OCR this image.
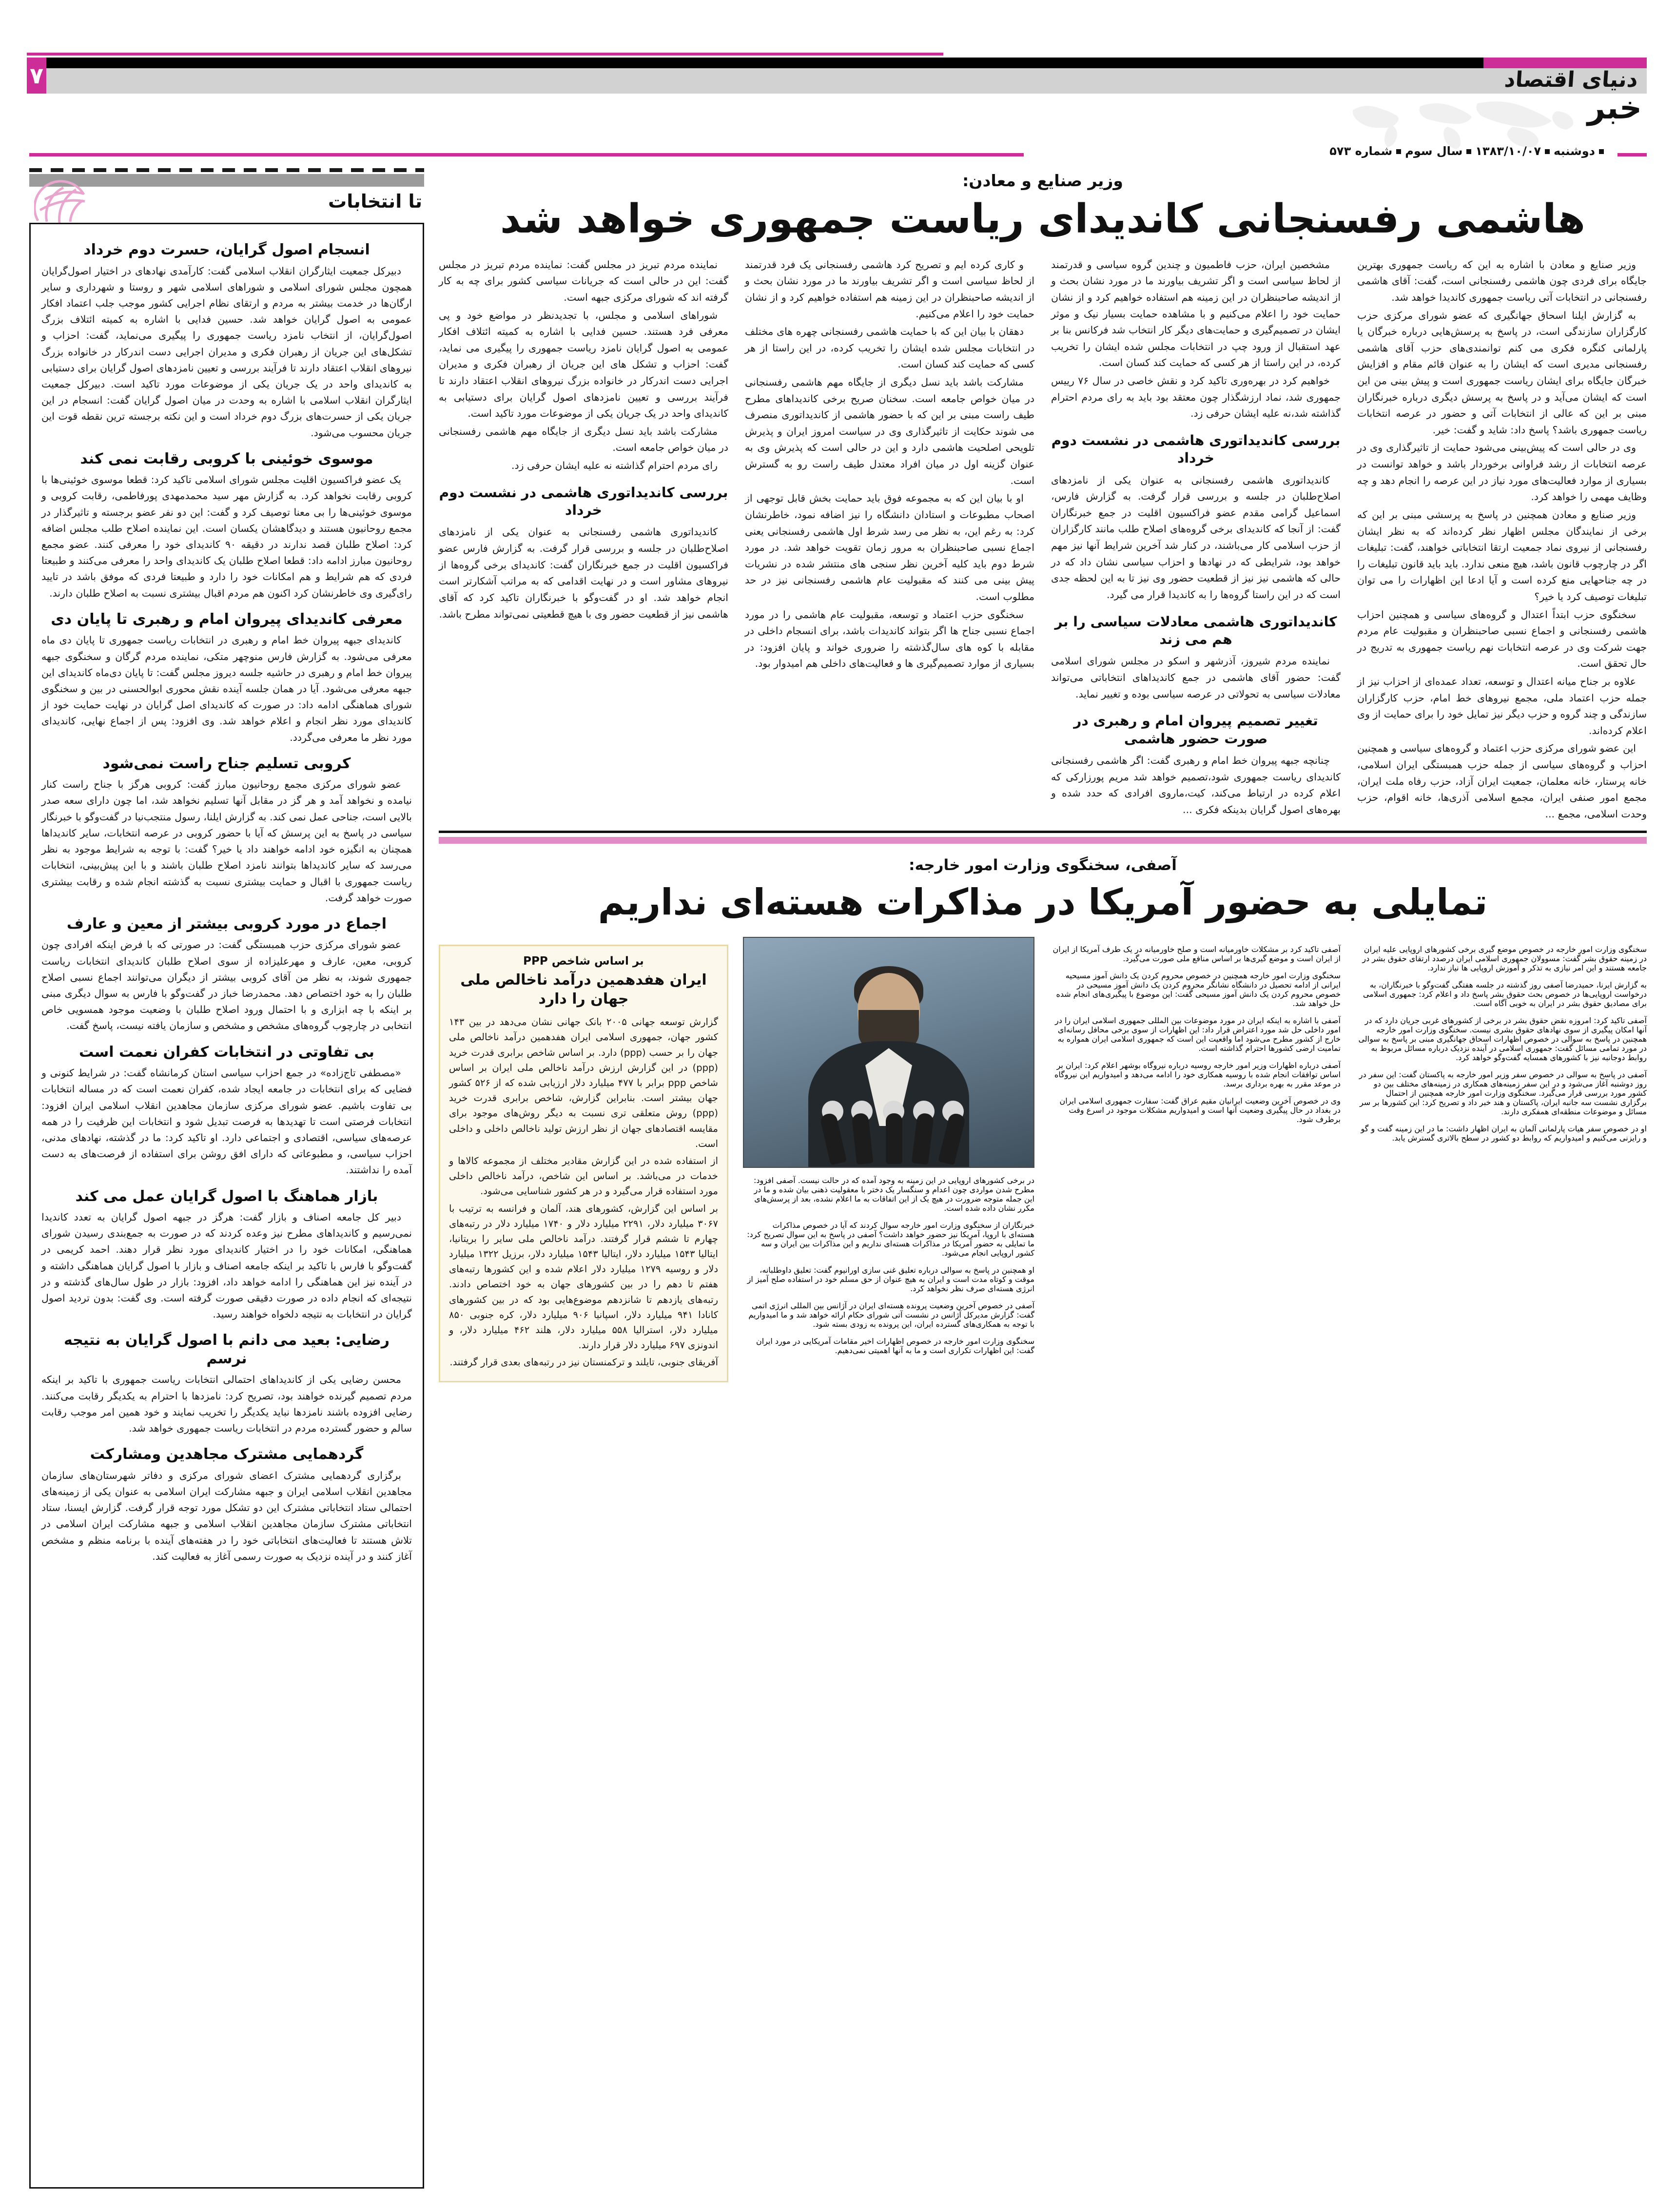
۷	دنیای اقتصاد
خبر
دوشنبه۱۳۸۳/۱۰/۰۷سال سومشماره ۵۷۳
تا انتخابات
انسجام اصول گرایان، حسرت دوم خرداد

دبیرکل جمعیت ایثارگران انقلاب اسلامی گفت: کارآمدی نهادهای در اختیار اصول‌گرایان همچون مجلس شورای اسلامی و شوراهای اسلامی شهر و روستا و شهرداری و سایر ارگان‌ها در خدمت بیشتر به مردم و ارتقای نظام اجرایی کشور موجب جلب اعتماد افکار عمومی به اصول گرایان خواهد شد. حسین فدایی با اشاره به کمیته ائتلاف بزرگ اصول‌گرایان، از انتخاب نامزد ریاست جمهوری را پیگیری می‌نماید، گفت: احزاب و تشکل‌های این جریان از رهبران فکری و مدیران اجرایی دست اندرکار در خانواده بزرگ نیروهای انقلاب اعتقاد دارند تا فرآیند بررسی و تعیین نامزدهای اصول گرایان برای دستیابی به کاندیدای واحد در یک جریان یکی از موضوعات مورد تاکید است. دبیرکل جمعیت ایثارگران انقلاب اسلامی با اشاره به وحدت در میان اصول گرایان گفت: انسجام در این جریان یکی از حسرت‌های بزرگ دوم خرداد است و این نکته برجسته ترین نقطه قوت این جریان محسوب می‌شود.

موسوی خوئینی با کروبی رقابت نمی کند

یک عضو فراکسیون اقلیت مجلس شورای اسلامی تاکید کرد: قطعا موسوی خوئینی‌ها با کروبی رقابت نخواهد کرد. به گزارش مهر سید محمدمهدی پورفاطمی، رقابت کروبی و موسوی خوئینی‌ها را بی معنا توصیف کرد و گفت: این دو نفر عضو برجسته و تاثیرگذار در مجمع روحانیون هستند و دیدگاهشان یکسان است. این نماینده اصلاح طلب مجلس اضافه کرد: اصلاح طلبان قصد ندارند در دقیقه ۹۰ کاندیدای خود را معرفی کنند. عضو مجمع روحانیون مبارز ادامه داد: قطعا اصلاح طلبان یک کاندیدای واحد را معرفی می‌کنند و طبیعتا فردی که هم شرایط و هم امکانات خود را دارد و طبیعتا فردی که موفق باشد در تایید رای‌گیری وی خاطرنشان کرد اکنون هم مردم اقبال بیشتری نسبت به اصلاح طلبان دارند.

معرفی کاندیدای پیروان امام و رهبری تا پایان دی

کاندیدای جبهه پیروان خط امام و رهبری در انتخابات ریاست جمهوری تا پایان دی ماه معرفی می‌شود. به گزارش فارس منوچهر متکی، نماینده مردم گرگان و سخنگوی جبهه پیروان خط امام و رهبری در حاشیه جلسه دیروز مجلس گفت: تا پایان دی‌ماه کاندیدای این جبهه معرفی می‌شود. آیا در همان جلسه آینده نقش محوری ابوالحسنی در بین و سخنگوی شورای هماهنگی ادامه داد: در صورت که کاندیدای اصل گرایان در نهایت حمایت خود از کاندیدای مورد نظر انجام و اعلام خواهد شد. وی افزود: پس از اجماع نهایی، کاندیدای مورد نظر ما معرفی می‌گردد.

کروبی تسلیم جناح راست نمی‌شود

عضو شورای مرکزی مجمع روحانیون مبارز گفت: کروبی هرگز با جناح راست کنار نیامده و نخواهد آمد و هر گز در مقابل آنها تسلیم نخواهد شد، اما چون دارای سعه صدر بالایی است، جناحی عمل نمی کند. به گزارش ایلنا، رسول منتجب‌نیا در گفت‌وگو با خبرنگار سیاسی در پاسخ به این پرسش که آیا با حضور کروبی در عرصه انتخابات، سایر کاندیداها همچنان به انگیزه خود ادامه خواهند داد یا خیر؟ گفت: با توجه به شرایط موجود به نظر می‌رسد که سایر کاندیداها بتوانند نامزد اصلاح طلبان باشند و با این پیش‌بینی، انتخابات ریاست جمهوری با اقبال و حمایت بیشتری نسبت به گذشته انجام شده و رقابت بیشتری صورت خواهد گرفت.

اجماع در مورد کروبی بیشتر از معین و عارف

عضو شورای مرکزی حزب همبستگی گفت: در صورتی که با فرض اینکه افرادی چون کروبی، معین، عارف و مهرعلیزاده از سوی اصلاح طلبان کاندیدای انتخابات ریاست جمهوری شوند، به نظر من آقای کروبی بیشتر از دیگران می‌توانند اجماع نسبی اصلاح طلبان را به خود اختصاص دهد. محمدرضا خباز در گفت‌وگو با فارس به سوال دیگری مبنی بر اینکه با چه ابزاری و با احتمال ورود اصلاح طلبان با وضعیت موجود همسویی خاص انتخابی در چارچوب گروه‌های مشخص و مشخص و سازمان یافته نیست، پاسخ گفت.

بی تفاوتی در انتخابات کفران نعمت است

«مصطفی تاج‌زاده» در جمع احزاب سیاسی استان کرمانشاه گفت: در شرایط کنونی و فضایی که برای انتخابات در جامعه ایجاد شده، کفران نعمت است که در مساله انتخابات بی تفاوت باشیم. عضو شورای مرکزی سازمان مجاهدین انقلاب اسلامی ایران افزود: انتخابات فرصتی است تا تهدیدها به فرصت تبدیل شود و انتخابات این ظرفیت را در همه عرصه‌های سیاسی، اقتصادی و اجتماعی دارد. او تاکید کرد: ما در گذشته، نهادهای مدنی، احزاب سیاسی، و مطبوعاتی که دارای افق روشن برای استفاده از فرصت‌های به دست آمده را نداشتند.

بازار هماهنگ با اصول گرایان عمل می کند

دبیر کل جامعه اصناف و بازار گفت: هرگز در جبهه اصول گرایان به تعدد کاندیدا نمی‌رسیم و کاندیداهای مطرح نیز وعده کردند که در صورت به جمع‌بندی رسیدن شورای هماهنگی، امکانات خود را در اختیار کاندیدای مورد نظر قرار دهند. احمد کریمی در گفت‌وگو با فارس با تاکید بر اینکه جامعه اصناف و بازار با اصول گرایان هماهنگی داشته و در آینده نیز این هماهنگی را ادامه خواهد داد، افزود: بازار در طول سال‌های گذشته و در نتیجه‌ای که انجام داده در صورت دقیقی صورت گرفته است. وی گفت: بدون تردید اصول گرایان در انتخابات به نتیجه دلخواه خواهند رسید.

رضایی: بعید می دانم با اصول گرایان به نتیجه نرسم

محسن رضایی یکی از کاندیداهای احتمالی انتخابات ریاست جمهوری با تاکید بر اینکه مردم تصمیم گیرنده خواهند بود، تصریح کرد: نامزدها با احترام به یکدیگر رقابت می‌کنند. رضایی افزوده باشند نامزدها نباید یکدیگر را تخریب نمایند و خود همین امر موجب رقابت سالم و حضور گسترده مردم در انتخابات ریاست جمهوری خواهد شد.

گردهمایی مشترک مجاهدین ومشارکت

برگزاری گردهمایی مشترک اعضای شورای مرکزی و دفاتر شهرستان‌های سازمان مجاهدین انقلاب اسلامی ایران و جبهه مشارکت ایران اسلامی به عنوان یکی از زمینه‌های احتمالی ستاد انتخاباتی مشترک این دو تشکل مورد توجه قرار گرفت. گزارش ایسنا، ستاد انتخاباتی مشترک سازمان مجاهدین انقلاب اسلامی و جبهه مشارکت ایران اسلامی در تلاش هستند تا فعالیت‌های انتخاباتی خود را در هفته‌های آینده با برنامه منظم و مشخص آغاز کنند و در آینده نزدیک به صورت رسمی آغاز به فعالیت کند.

وزیر صنایع و معادن:
هاشمی رفسنجانی کاندیدای ریاست جمهوری خواهد شد

وزیر صنایع و معادن با اشاره به این که ریاست جمهوری بهترین جایگاه برای فردی چون هاشمی رفسنجانی است، گفت: آقای هاشمی رفسنجانی در انتخابات آتی ریاست جمهوری کاندیدا خواهد شد.

به گزارش ایلنا اسحاق جهانگیری که عضو شورای مرکزی حزب کارگزاران سازندگی است، در پاسخ به پرسش‌هایی درباره خبرگان یا پارلمانی کنگره فکری می کنم توانمندی‌های حزب آقای هاشمی رفسنجانی مدیری است که ایشان را به عنوان قائم مقام و افزایش خبرگان جایگاه برای ایشان ریاست جمهوری است و پیش بینی من این است که ایشان می‌آید و در پاسخ به پرسش دیگری درباره خبرنگاران مبنی بر این که عالی از انتخابات آتی و حضور در عرصه انتخابات ریاست جمهوری باشد؟ پاسخ داد: شاید و گفت: خیر.

وی در حالی است که پیش‌بینی می‌شود حمایت از تاثیرگذاری وی در عرصه انتخابات از رشد فراوانی برخوردار باشد و خواهد توانست در بسیاری از موارد فعالیت‌های مورد نیاز در این عرصه را انجام دهد و چه وظایف مهمی را خواهد کرد.

وزیر صنایع و معادن همچنین در پاسخ به پرسشی مبنی بر این که برخی از نمایندگان مجلس اظهار نظر کرده‌اند که به نظر ایشان رفسنجانی از نیروی نماد جمعیت ارتقا انتخاباتی خواهند، گفت: تبلیغات اگر در چارچوب قانون باشد، هیچ منعی ندارد. باید باید قانون تبلیغات را در چه جناحهایی منع کرده است و آیا ادعا این اظهارات را می توان تبلیغات توصیف کرد یا خیر؟

سخنگوی حزب ابتداً اعتدال و گروه‌های سیاسی و همچنین احزاب هاشمی رفسنجانی و اجماع نسبی صاحبنظران و مقبولیت عام مردم جهت شرکت وی در عرصه انتخابات نهم ریاست جمهوری به تدریج در حال تحقق است.

علاوه بر جناح میانه اعتدال و توسعه، تعداد عمده‌ای از احزاب نیز از جمله حزب اعتماد ملی، مجمع نیروهای خط امام، حزب کارگزاران سازندگی و چند گروه و حزب دیگر نیز تمایل خود را برای حمایت از وی اعلام کرده‌اند.

این عضو شورای مرکزی حزب اعتماد و گروه‌های سیاسی و همچنین احزاب و گروه‌های سیاسی از جمله حزب همبستگی ایران اسلامی، خانه پرستار، خانه معلمان، جمعیت ایران آزاد، حزب رفاه ملت ایران، مجمع امور صنفی ایران، مجمع اسلامی آذری‌ها، خانه اقوام، حزب وحدت اسلامی، مجمع ...

مشخصین ایران، حزب فاطمیون و چندین گروه سیاسی و قدرتمند از لحاظ سیاسی است و اگر تشریف بیاورند ما در مورد نشان بحث و از اندیشه صاحبنظران در این زمینه هم استفاده خواهیم کرد و از نشان حمایت خود را اعلام می‌کنیم و با مشاهده حمایت بسیار نیک و موثر ایشان در تصمیم‌گیری و حمایت‌های دیگر کار انتخاب شد فرکانس بنا بر عهد استقبال از ورود چپ در انتخابات مجلس شده ایشان را تخریب کرده، در این راستا از هر کسی که حمایت کند کسان است.

خواهیم کرد در بهره‌وری تاکید کرد و نقش خاصی در سال ۷۶ رییس جمهوری شد، نماد ارزشگذار چون معتقد بود باید به رای مردم احترام گذاشته شد،نه علیه ایشان حرفی زد.

بررسی کاندیداتوری هاشمی در نشست دوم خرداد

کاندیداتوری هاشمی رفسنجانی به عنوان یکی از نامزدهای اصلاح‌طلبان در جلسه و بررسی قرار گرفت. به گزارش فارس، اسماعیل گرامی مقدم عضو فراکسیون اقلیت در جمع خبرنگاران گفت: از آنجا که کاندیدای برخی گروه‌های اصلاح طلب مانند کارگزاران از حزب اسلامی کار می‌باشند، در کنار شد آخرین شرایط آنها نیز مهم خواهد بود، شرایطی که در نهادها و احزاب سیاسی نشان داد که در حالی که هاشمی نیز نیز از قطعیت حضور وی نیز تا به این لحظه جدی است که در این راستا گروه‌ها را به کاندیدا قرار می گیرد.

کاندیداتوری هاشمی معادلات سیاسی را بر هم می زند

نماینده مردم شیروز، آذرشهر و اسکو در مجلس شورای اسلامی گفت: حضور آقای هاشمی در جمع کاندیداهای انتخاباتی می‌تواند معادلات سیاسی به تحولاتی در عرصه سیاسی بوده و تغییر نماید.

تغییر تصمیم پیروان امام و رهبری در صورت حضور هاشمی

چنانچه جبهه پیروان خط امام و رهبری گفت: اگر هاشمی رفسنجانی کاندیدای ریاست جمهوری شود،تصمیم خواهد شد مریم پورزارکی که اعلام کرده در ارتباط می‌کند، کیت،ماروی افرادی که حدد شده و بهره‌های اصول گرایان بدینکه فکری ...

و کاری کرده ایم و تصریح کرد هاشمی رفسنجانی یک فرد قدرتمند از لحاظ سیاسی است و اگر تشریف بیاورند ما در مورد نشان بحث و از اندیشه صاحبنظران در این زمینه هم استفاده خواهیم کرد و از نشان حمایت خود را اعلام می‌کنیم.

دهقان با بیان این که با حمایت هاشمی رفسنجانی چهره های مختلف در انتخابات مجلس شده ایشان را تخریب کرده، در این راستا از هر کسی که حمایت کند کسان است.

مشارکت باشد باید نسل دیگری از جایگاه مهم هاشمی رفسنجانی در میان خواص جامعه است. سخنان صریح برخی کاندیداهای مطرح طیف راست مبنی بر این که با حضور هاشمی از کاندیداتوری منصرف می شوند حکایت از تاثیرگذاری وی در سیاست امروز ایران و پذیرش تلویحی اصلحیت هاشمی دارد و این در حالی است که پذیرش وی به عنوان گزینه اول در میان افراد معتدل طیف راست رو به گسترش است.

او با بیان این که به مجموعه فوق باید حمایت بخش قابل توجهی از اصحاب مطبوعات و استادان دانشگاه را نیز اضافه نمود، خاطرنشان کرد: به رغم این، به نظر می رسد شرط اول هاشمی رفسنجانی یعنی اجماع نسبی صاحبنظران به مرور زمان تقویت خواهد شد. در مورد شرط دوم باید کلیه آخرین نظر سنجی های منتشر شده در نشریات پیش بینی می کنند که مقبولیت عام هاشمی رفسنجانی نیز در حد مطلوب است.

سخنگوی حزب اعتماد و توسعه، مقبولیت عام هاشمی را در مورد اجماع نسبی جناح ها اگر بتواند کاندیدات باشد، برای انسجام داخلی در مقابله با کوه های سال‌گذشته را ضروری خواند و پایان افزود: در بسیاری از موارد تصمیم‌گیری ها و فعالیت‌های داخلی هم امیدوار بود.

نماینده مردم تبریز در مجلس گفت: نماینده مردم تبریز در مجلس گفت: این در حالی است که جریانات سیاسی کشور برای چه به کار گرفته اند که شورای مرکزی جبهه است.

شوراهای اسلامی و مجلس، با تجدیدنظر در مواضع خود و پی معرفی فرد هستند. حسین فدایی با اشاره به کمیته ائتلاف افکار عمومی به اصول گرایان نامزد ریاست جمهوری را پیگیری می نماید، گفت: احزاب و تشکل های این جریان از رهبران فکری و مدیران اجرایی دست اندرکار در خانواده بزرگ نیروهای انقلاب اعتقاد دارند تا فرآیند بررسی و تعیین نامزدهای اصول گرایان برای دستیابی به کاندیدای واحد در یک جریان یکی از موضوعات مورد تاکید است.

مشارکت باشد باید نسل دیگری از جایگاه مهم هاشمی رفسنجانی در میان خواص جامعه است.

رای مردم احترام گذاشته نه علیه ایشان حرفی زد.

بررسی کاندیداتوری هاشمی در نشست دوم خرداد

کاندیداتوری هاشمی رفسنجانی به عنوان یکی از نامزدهای اصلاح‌طلبان در جلسه و بررسی قرار گرفت. به گزارش فارس عضو فراکسیون اقلیت در جمع خبرنگاران گفت: کاندیدای برخی گروه‌ها از نیروهای مشاور است و در نهایت اقدامی که به مراتب آشکارتر است انجام خواهد شد. او در گفت‌وگو با خبرنگاران تاکید کرد که آقای هاشمی نیز از قطعیت حضور وی با هیچ قطعیتی نمی‌تواند مطرح باشد.

آصفی، سخنگوی وزارت امور خارجه:
تمایلی به حضور آمریکا در مذاکرات هسته‌ای نداریم

سخنگوی وزارت امور خارجه در خصوص موضع گیری برخی کشورهای اروپایی علیه ایران در زمینه حقوق بشر گفت: مسوولان جمهوری اسلامی ایران درصدد ارتقای حقوق بشر در جامعه هستند و این امر نیازی به تذکر و آموزش اروپایی ها نیاز ندارد.

به گزارش ایرنا، حمیدرضا آصفی روز گذشته در جلسه هفتگی گفت‌وگو با خبرنگاران، به درخواست اروپایی‌ها در خصوص بحث حقوق بشر پاسخ داد و اعلام کرد: جمهوری اسلامی برای مصادیق حقوق بشر در ایران به خوبی آگاه است.

آصفی تاکید کرد: امروزه نقض حقوق بشر در برخی از کشورهای غربی جریان دارد که در آنها امکان پیگیری از سوی نهادهای حقوق بشری نیست. سخنگوی وزارت امور خارجه همچنین در پاسخ به سوالی در خصوص اظهارات اسحاق جهانگیری مبنی بر پاسخ به سوالی در مورد تمامی مسائل گفت: جمهوری اسلامی در آینده نزدیک درباره مسائل مربوط به روابط دوجانبه نیز با کشورهای همسایه گفت‌وگو خواهد کرد.

آصفی در پاسخ به سوالی در خصوص سفر وزیر امور خارجه به پاکستان گفت: این سفر در روز دوشنبه آغاز می‌شود و در این سفر زمینه‌های همکاری در زمینه‌های مختلف بین دو کشور مورد بررسی قرار می‌گیرد. سخنگوی وزارت امور خارجه همچنین از احتمال برگزاری نشست سه جانبه ایران، پاکستان و هند خبر داد و تصریح کرد: این کشورها بر سر مسائل و موضوعات منطقه‌ای همفکری دارند.

او در خصوص سفر هیات پارلمانی آلمان به ایران اظهار داشت: ما در این زمینه گفت و گو و رایزنی می‌کنیم و امیدواریم که روابط دو کشور در سطح بالاتری گسترش یابد.

آصفی تاکید کرد بر مشکلات خاورمیانه است و صلح خاورمیانه در یک طرف آمریکا از ایران از ایران است و موضع گیری‌ها بر اساس منافع ملی صورت می‌گیرد.

سخنگوی وزارت امور خارجه همچنین در خصوص محروم کردن یک دانش آموز مسیحیه ایرانی از ادامه تحصیل در دانشگاه نشانگر محروم کردن یک دانش آموز مسیحی در خصوص محروم کردن یک دانش آموز مسیحی گفت: این موضوع با پیگیری‌های انجام شده حل خواهد شد.

آصفی با اشاره به اینکه ایران در مورد موضوعات بین المللی جمهوری اسلامی ایران را در امور داخلی حل شد مورد اعتراض قرار داد: این اظهارات از سوی برخی محافل رسانه‌ای خارج از کشور مطرح می‌شود اما واقعیت این است که جمهوری اسلامی ایران همواره به تمامیت ارضی کشورها احترام گذاشته است.

آصفی درباره اظهارات وزیر امور خارجه روسیه درباره نیروگاه بوشهر اعلام کرد: ایران بر اساس توافقات انجام شده با روسیه همکاری خود را ادامه می‌دهد و امیدواریم این نیروگاه در موعد مقرر به بهره برداری برسد.

وی در خصوص آخرین وضعیت ایرانیان مقیم عراق گفت: سفارت جمهوری اسلامی ایران در بغداد در حال پیگیری وضعیت آنها است و امیدواریم مشکلات موجود در اسرع وقت برطرف شود.

در برخی کشورهای اروپایی در این زمینه به وجود آمده که در حالت نیست. آصفی افزود: مطرح شدن مواردی چون اعدام و سنگسار یک دختر با معقولیت ذهنی بیان شده و ما در این جمله متوجه ضرورت در هیچ یک از این اتفاقات به ما اعلام نشده، بعد از پرسش‌های مکرر نشان داده شده است.

خبرنگاران از سخنگوی وزارت امور خارجه سوال کردند که آیا در خصوص مذاکرات هسته‌ای با اروپا، آمریکا نیز حضور خواهد داشت؟ آصفی در پاسخ به این سوال تصریح کرد: ما تمایلی به حضور آمریکا در مذاکرات هسته‌ای نداریم و این مذاکرات بین ایران و سه کشور اروپایی انجام می‌شود.

او همچنین در پاسخ به سوالی درباره تعلیق غنی سازی اورانیوم گفت: تعلیق داوطلبانه، موقت و کوتاه مدت است و ایران به هیچ عنوان از حق مسلم خود در استفاده صلح آمیز از انرژی هسته‌ای صرف نظر نخواهد کرد.

آصفی در خصوص آخرین وضعیت پرونده هسته‌ای ایران در آژانس بین المللی انرژی اتمی گفت: گزارش مدیرکل آژانس در نشست آتی شورای حکام ارائه خواهد شد و ما امیدواریم با توجه به همکاری‌های گسترده ایران، این پرونده به زودی بسته شود.

سخنگوی وزارت امور خارجه در خصوص اظهارات اخیر مقامات آمریکایی در مورد ایران گفت: این اظهارات تکراری است و ما به آنها اهمیتی نمی‌دهیم.

بر اساس شاخص PPP
ایران هفدهمین درآمد ناخالص ملی جهان را دارد

گزارش توسعه جهانی ۲۰۰۵ بانک جهانی نشان می‌دهد در بین ۱۴۳ کشور جهان، جمهوری اسلامی ایران هفدهمین درآمد ناخالص ملی جهان را بر حسب (ppp) دارد. بر اساس شاخص برابری قدرت خرید (ppp) در این گزارش ارزش درآمد ناخالص ملی ایران بر اساس شاخص ppp برابر با ۴۷۷ میلیارد دلار ارزیابی شده که از ۵۲۶ کشور جهان بیشتر است. بنابراین گزارش، شاخص برابری قدرت خرید (ppp) روش متعلقی تری نسبت به دیگر روش‌های موجود برای مقایسه اقتصادهای جهان از نظر ارزش تولید ناخالص داخلی و داخلی است.

از استفاده شده در این گزارش مقادیر مختلف از مجموعه کالاها و خدمات در می‌باشد. بر اساس این شاخص، درآمد ناخالص داخلی مورد استفاده قرار می‌گیرد و در هر کشور شناسایی می‌شود.

بر اساس این گزارش، کشورهای هند، آلمان و فرانسه به ترتیب با ۳۰۶۷ میلیارد دلار، ۲۲۹۱ میلیارد دلار و ۱۷۴۰ میلیارد دلار در رتبه‌های چهارم تا ششم قرار گرفتند. درآمد ناخالص ملی سایر را بریتانیا، ایتالیا ۱۵۴۳ میلیارد دلار، ایتالیا ۱۵۴۳ میلیارد دلار، برزیل ۱۳۲۲ میلیارد دلار و روسیه ۱۲۷۹ میلیارد دلار اعلام شده و این کشورها رتبه‌های هفتم تا دهم را در بین کشورهای جهان به خود اختصاص دادند. رتبه‌های یازدهم تا شانزدهم موضوع‌هایی بود که در بین کشورهای کانادا ۹۴۱ میلیارد دلار، اسپانیا ۹۰۶ میلیارد دلار، کره جنوبی ۸۵۰ میلیارد دلار، استرالیا ۵۵۸ میلیارد دلار، هلند ۴۶۲ میلیارد دلار، و اندونزی ۶۹۷ میلیارد دلار قرار دارند.

آفریقای جنوبی، تایلند و ترکمنستان نیز در رتبه‌های بعدی قرار گرفتند.
